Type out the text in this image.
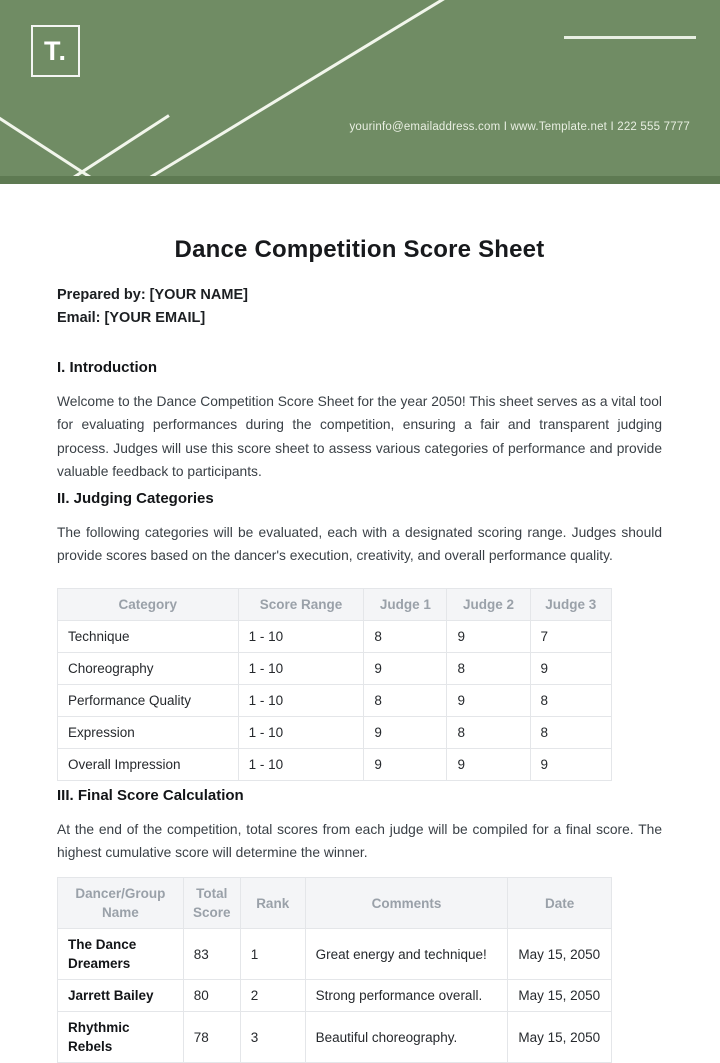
T.
yourinfo@emailaddress.com I www.Template.net I 222 555 7777
Dance Competition Score Sheet
Prepared by: [YOUR NAME]
Email: [YOUR EMAIL]
I. Introduction

Welcome to the Dance Competition Score Sheet for the year 2050! This sheet serves as a vital tool for evaluating performances during the competition, ensuring a fair and transparent judging process. Judges will use this score sheet to assess various categories of performance and provide valuable feedback to participants.

II. Judging Categories

The following categories will be evaluated, each with a designated scoring range. Judges should provide scores based on the dancer's execution, creativity, and overall performance quality.

Category	Score Range	Judge 1	Judge 2	Judge 3
Technique	1 - 10	8	9	7
Choreography	1 - 10	9	8	9
Performance Quality	1 - 10	8	9	8
Expression	1 - 10	9	8	8
Overall Impression	1 - 10	9	9	9
III. Final Score Calculation

At the end of the competition, total scores from each judge will be compiled for a final score. The highest cumulative score will determine the winner.

Dancer/Group Name	Total Score	Rank	Comments	Date
The Dance Dreamers	83	1	Great energy and technique!	May 15, 2050
Jarrett Bailey	80	2	Strong performance overall.	May 15, 2050
Rhythmic Rebels	78	3	Beautiful choreography.	May 15, 2050
